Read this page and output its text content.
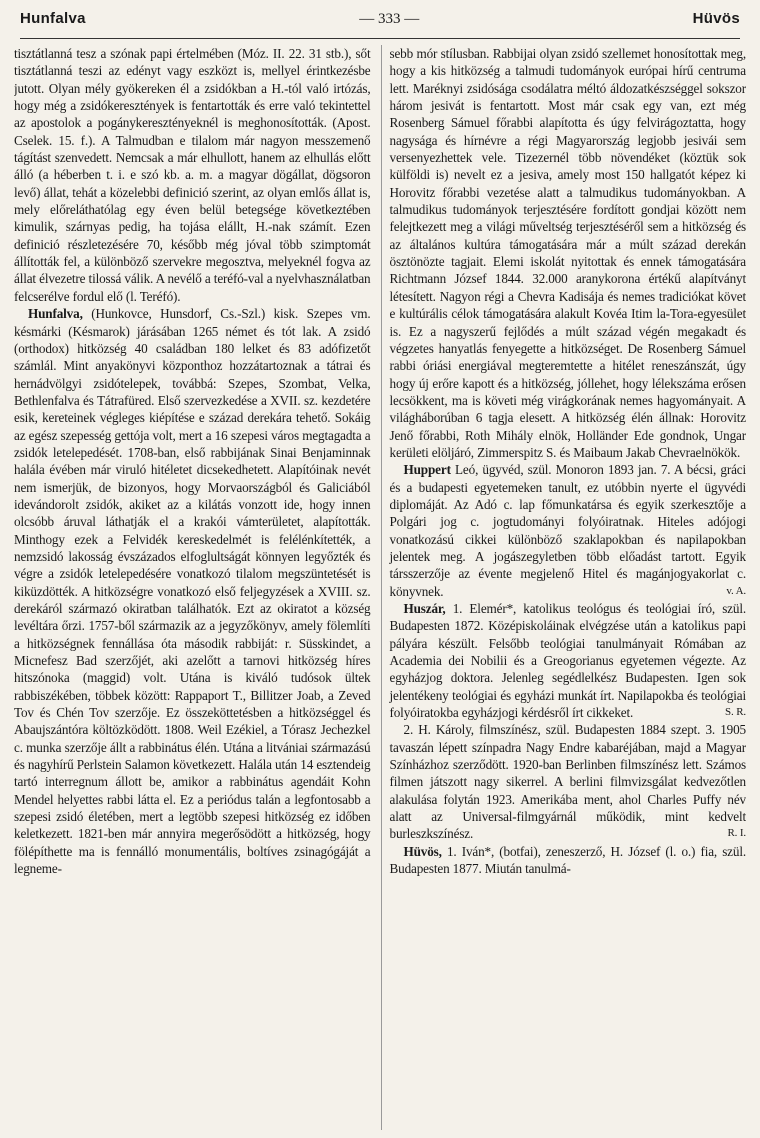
Hunfalva	— 333 —	Hüvös

tisztátlanná tesz a szónak papi értelmében (Móz. II. 22. 31 stb.), sőt tisztátlanná teszi az edényt vagy eszközt is, mellyel érintkezésbe jutott. Olyan mély gyökereken él a zsidókban a H.-tól való irtózás, hogy még a zsidókeresztények is fentartották és erre való tekintettel az apostolok a pogánykeresztényeknél is meghonosították. (Apost. Cselek. 15. f.). A Talmudban e tilalom már nagyon messzemenő tágítást szenvedett. Nemcsak a már elhullott, hanem az elhullás előtt álló (a héberben t. i. e szó kb. a. m. a magyar dögállat, dögsoron levő) állat, tehát a közelebbi definició szerint, az olyan emlős állat is, mely előreláthatólag egy éven belül betegsége következtében kimulik, szárnyas pedig, ha tojása elállt, H.-nak számít. Ezen definició részletezésére 70, később még jóval több szimptomát állították fel, a különböző szervekre megosztva, melyeknél fogva az állat élvezetre tilossá válik. A nevélő a teréfó-val a nyelvhasználatban felcserélve fordul elő (l. Teréfó).

Hunfalva, (Hunkovce, Hunsdorf, Cs.-Szl.) kisk. Szepes vm. késmárki (Késmarok) járásában 1265 német és tót lak. A zsidó (orthodox) hitközség 40 családban 180 lelket és 83 adófizetőt számlál. Mint anyakönyvi központhoz hozzátartoznak a tátrai és hernádvölgyi zsidótelepek, továbbá: Szepes, Szombat, Velka, Bethlenfalva és Tátrafüred. Első szervezkedése a XVII. sz. kezdetére esik, kereteinek végleges kiépítése e század derekára tehető. Sokáig az egész szepesség gettója volt, mert a 16 szepesi város megtagadta a zsidók letelepedését. 1708-ban, első rabbijának Sinai Benjaminnak halála évében már viruló hitéletet dicsekedhetett. Alapítóinak nevét nem ismerjük, de bizonyos, hogy Morvaországból és Galiciából idevándorolt zsidók, akiket az a kilátás vonzott ide, hogy innen olcsóbb áruval láthatják el a krakói vámterületet, alapították. Minthogy ezek a Felvidék kereskedelmét is felélénkítették, a nemzsidó lakosság évszázados elfoglultságát könnyen legyőzték és végre a zsidók letelepedésére vonatkozó tilalom megszüntetését is kiküzdötték. A hitközségre vonatkozó első feljegyzések a XVIII. sz. derekáról származó okiratban találhatók. Ezt az okiratot a község levéltára őrzi. 1757-ből származik az a jegyzőkönyv, amely fölemlíti a hitközségnek fennállása óta második rabbiját: r. Süsskindet, a Micnefesz Bad szerzőjét, aki azelőtt a tarnovi hitközség híres hitszónoka (maggid) volt. Utána is kiváló tudósok ültek rabbiszékében, többek között: Rappaport T., Billitzer Joab, a Zeved Tov és Chén Tov szerzője. Ez összeköttetésben a hitközséggel és Abaujszántóra költözködött. 1808. Weil Ezékiel, a Tórasz Jechezkel c. munka szerzője állt a rabbinátus élén. Utána a litvániai származású és nagyhírű Perlstein Salamon következett. Halála után 14 esztendeig tartó interregnum állott be, amikor a rabbinátus agendáit Kohn Mendel helyettes rabbi látta el. Ez a periódus talán a legfontosabb a szepesi zsidó életében, mert a legtöbb szepesi hitközség ez időben keletkezett. 1821-ben már annyira megerősödött a hitközség, hogy fölépíthette ma is fennálló monumentális, boltíves zsinagógáját a legneme-

sebb mór stílusban. Rabbijai olyan zsidó szellemet honosítottak meg, hogy a kis hitközség a talmudi tudományok európai hírű centruma lett. Maréknyi zsidósága csodálatra méltó áldozatkészséggel sokszor három jesivát is fentartott. Most már csak egy van, ezt még Rosenberg Sámuel főrabbi alapította és úgy felvirágoztatta, hogy nagysága és hírnévre a régi Magyarország legjobb jesivái sem versenyezhettek vele. Tizezernél több növendéket (köztük sok külföldi is) nevelt ez a jesiva, amely most 150 hallgatót képez ki Horovitz főrabbi vezetése alatt a talmudikus tudományokban. A talmudikus tudományok terjesztésére fordított gondjai között nem felejtkezett meg a világi műveltség terjesztéséről sem a hitközség és az általános kultúra támogatására már a múlt század derekán ösztönözte tagjait. Elemi iskolát nyitottak és ennek támogatására Richtmann József 1844. 32.000 aranykorona értékű alapítványt létesített. Nagyon régi a Chevra Kadisája és nemes tradiciókat követ e kultúrális célok támogatására alakult Kovéa Itim la-Tora-egyesület is. Ez a nagyszerű fejlődés a múlt század végén megakadt és végzetes hanyatlás fenyegette a hitközséget. De Rosenberg Sámuel rabbi óriási energiával megteremtette a hitélet reneszánszát, úgy hogy új erőre kapott és a hitközség, jóllehet, hogy lélekszáma erősen lecsökkent, ma is követi még virágkorának nemes hagyományait. A világháborúban 6 tagja elesett. A hitközség élén állnak: Horovitz Jenő főrabbi, Roth Mihály elnök, Holländer Ede gondnok, Ungar kerületi elöljáró, Zimmerspitz S. és Maibaum Jakab Chevraelnökök.

Huppert Leó, ügyvéd, szül. Monoron 1893 jan. 7. A bécsi, gráci és a budapesti egyetemeken tanult, ez utóbbin nyerte el ügyvédi diplomáját. Az Adó c. lap főmunkatársa és egyik szerkesztője a Polgári jog c. jogtudományi folyóiratnak. Hiteles adójogi vonatkozású cikkei különböző szaklapokban és napilapokban jelentek meg. A jogászegyletben több előadást tartott. Egyik társszerzője az évente megjelenő Hitel és magánjogyakorlat c. könyvnek.	v. A.

Huszár, 1. Elemér*, katolikus teológus és teológiai író, szül. Budapesten 1872. Középiskoláinak elvégzése után a katolikus papi pályára készült. Felsőbb teológiai tanulmányait Rómában az Academia dei Nobilii és a Greogorianus egyetemen végezte. Az egyházjog doktora. Jelenleg segédlelkész Budapesten. Igen sok jelentékeny teológiai és egyházi munkát írt. Napilapokba és teológiai folyóiratokba egyházjogi kérdésről írt cikkeket.	S. R.

2. H. Károly, filmszínész, szül. Budapesten 1884 szept. 3. 1905 tavaszán lépett színpadra Nagy Endre kabaréjában, majd a Magyar Színházhoz szerződött. 1920-ban Berlinben filmszínész lett. Számos filmen játszott nagy sikerrel. A berlini filmvizsgálat kedvezőtlen alakulása folytán 1923. Amerikába ment, ahol Charles Puffy név alatt az Universal-filmgyárnál működik, mint kedvelt burleszkszínész.	R. I.

Hüvös, 1. Iván*, (botfai), zeneszerző, H. József (l. o.) fia, szül. Budapesten 1877. Miután tanulmá-
